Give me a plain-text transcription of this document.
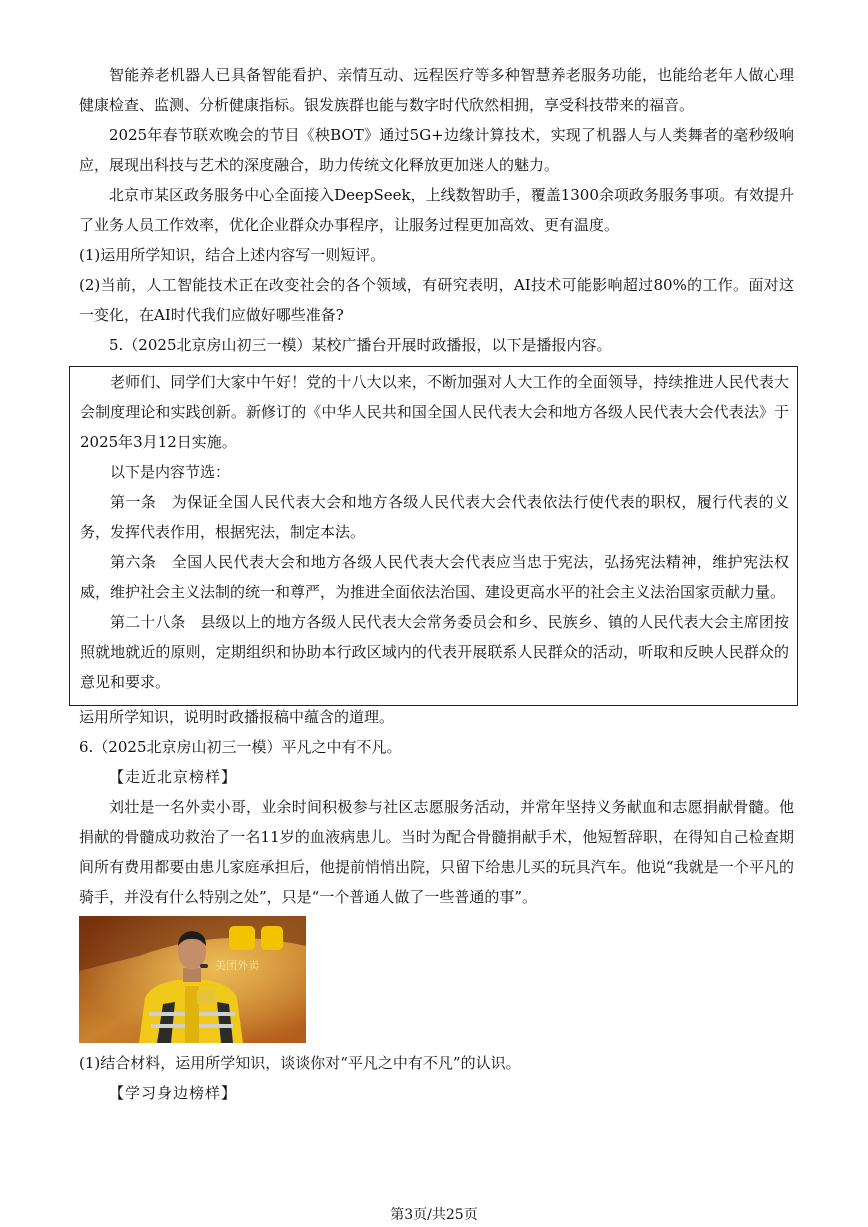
智能养老机器人已具备智能看护、亲情互动、远程医疗等多种智慧养老服务功能，也能给老年人做心理健康检查、监测、分析健康指标。银发族群也能与数字时代欣然相拥，享受科技带来的福音。

2025年春节联欢晚会的节目《秧BOT》通过5G+边缘计算技术，实现了机器人与人类舞者的毫秒级响应，展现出科技与艺术的深度融合，助力传统文化释放更加迷人的魅力。

北京市某区政务服务中心全面接入DeepSeek，上线数智助手，覆盖1300余项政务服务事项。有效提升了业务人员工作效率，优化企业群众办事程序，让服务过程更加高效、更有温度。

(1)运用所学知识，结合上述内容写一则短评。

(2)当前，人工智能技术正在改变社会的各个领域，有研究表明，AI技术可能影响超过80%的工作。面对这一变化，在AI时代我们应做好哪些准备?

5.（2025北京房山初三一模）某校广播台开展时政播报，以下是播报内容。

老师们、同学们大家中午好！党的十八大以来，不断加强对人大工作的全面领导，持续推进人民代表大会制度理论和实践创新。新修订的《中华人民共和国全国人民代表大会和地方各级人民代表大会代表法》于2025年3月12日实施。

以下是内容节选：

第一条　为保证全国人民代表大会和地方各级人民代表大会代表依法行使代表的职权，履行代表的义务，发挥代表作用，根据宪法，制定本法。

第六条　全国人民代表大会和地方各级人民代表大会代表应当忠于宪法，弘扬宪法精神，维护宪法权威，维护社会主义法制的统一和尊严，为推进全面依法治国、建设更高水平的社会主义法治国家贡献力量。

第二十八条　县级以上的地方各级人民代表大会常务委员会和乡、民族乡、镇的人民代表大会主席团按照就地就近的原则，定期组织和协助本行政区域内的代表开展联系人民群众的活动，听取和反映人民群众的意见和要求。

运用所学知识，说明时政播报稿中蕴含的道理。

6.（2025北京房山初三一模）平凡之中有不凡。

【走近北京榜样】

刘壮是一名外卖小哥，业余时间积极参与社区志愿服务活动，并常年坚持义务献血和志愿捐献骨髓。他捐献的骨髓成功救治了一名11岁的血液病患儿。当时为配合骨髓捐献手术，他短暂辞职，在得知自己检查期间所有费用都要由患儿家庭承担后，他提前悄悄出院，只留下给患儿买的玩具汽车。他说“我就是一个平凡的骑手，并没有什么特别之处”，只是“一个普通人做了一些普通的事”。

美团外卖

(1)结合材料，运用所学知识，谈谈你对“平凡之中有不凡”的认识。

【学习身边榜样】

第3页/共25页
